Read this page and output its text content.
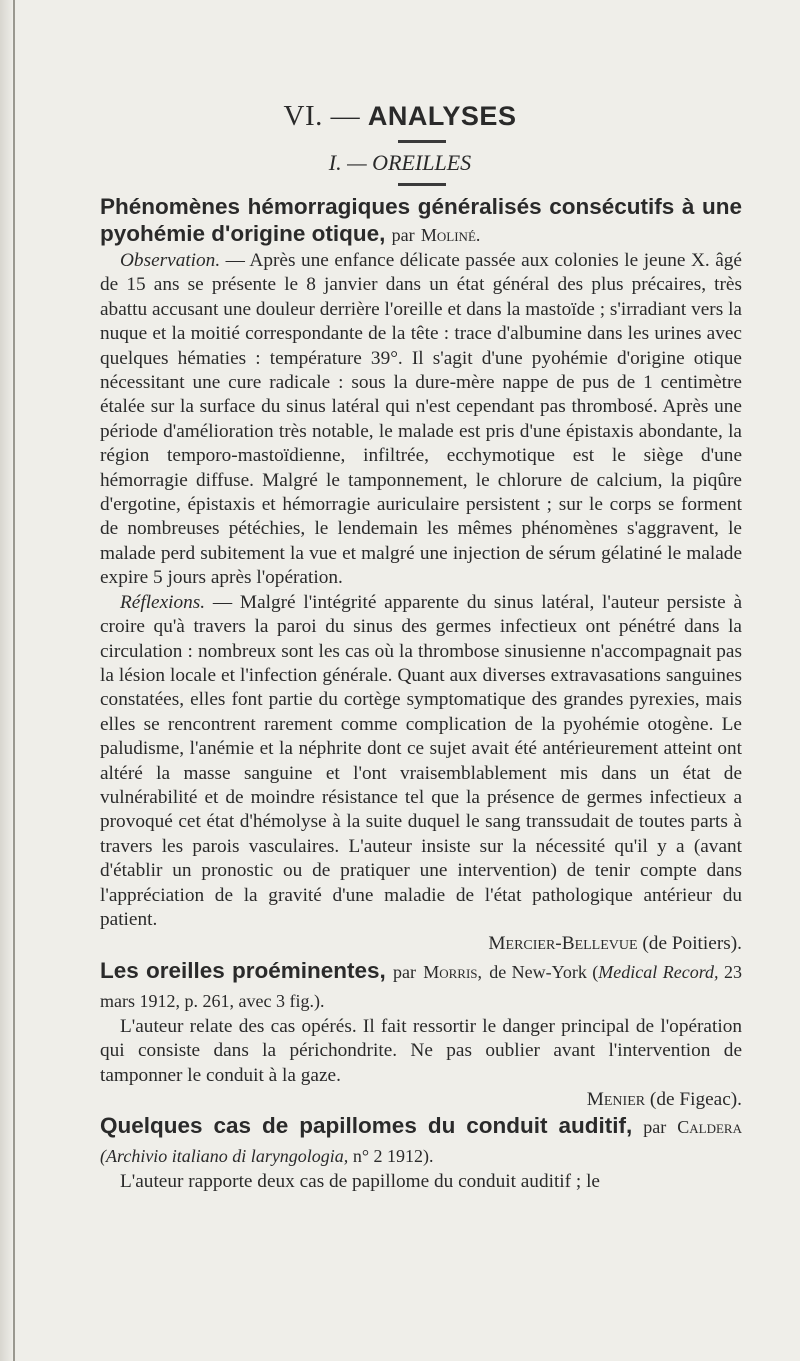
VI. — ANALYSES
I. — OREILLES

Phénomènes hémorragiques généralisés consécutifs à une pyohémie d'origine otique, par Moliné.

Observation. — Après une enfance délicate passée aux colonies le jeune X. âgé de 15 ans se présente le 8 janvier dans un état général des plus précaires, très abattu accusant une douleur derrière l'oreille et dans la mastoïde ; s'irradiant vers la nuque et la moitié correspondante de la tête : trace d'albumine dans les urines avec quelques hématies : température 39°. Il s'agit d'une pyohémie d'origine otique nécessitant une cure radicale : sous la dure-mère nappe de pus de 1 centimètre étalée sur la surface du sinus latéral qui n'est cependant pas thrombosé. Après une période d'amélioration très notable, le malade est pris d'une épistaxis abondante, la région temporo-mastoïdienne, infiltrée, ecchymotique est le siège d'une hémorragie diffuse. Malgré le tamponnement, le chlorure de calcium, la piqûre d'ergotine, épistaxis et hémorragie auriculaire persistent ; sur le corps se forment de nombreuses pétéchies, le lendemain les mêmes phénomènes s'aggravent, le malade perd subitement la vue et malgré une injection de sérum gélatiné le malade expire 5 jours après l'opération.

Réflexions. — Malgré l'intégrité apparente du sinus latéral, l'auteur persiste à croire qu'à travers la paroi du sinus des germes infectieux ont pénétré dans la circulation : nombreux sont les cas où la thrombose sinusienne n'accompagnait pas la lésion locale et l'infection générale. Quant aux diverses extravasations sanguines constatées, elles font partie du cortège symptomatique des grandes pyrexies, mais elles se rencontrent rarement comme complication de la pyohémie otogène. Le paludisme, l'anémie et la néphrite dont ce sujet avait été antérieurement atteint ont altéré la masse sanguine et l'ont vraisemblablement mis dans un état de vulnérabilité et de moindre résistance tel que la présence de germes infectieux a provoqué cet état d'hémolyse à la suite duquel le sang transsudait de toutes parts à travers les parois vasculaires. L'auteur insiste sur la nécessité qu'il y a (avant d'établir un pronostic ou de pratiquer une intervention) de tenir compte dans l'appréciation de la gravité d'une maladie de l'état pathologique antérieur du patient.

Mercier-Bellevue (de Poitiers).

Les oreilles proéminentes, par Morris, de New-York (Medical Record, 23 mars 1912, p. 261, avec 3 fig.).

L'auteur relate des cas opérés. Il fait ressortir le danger principal de l'opération qui consiste dans la périchondrite. Ne pas oublier avant l'intervention de tamponner le conduit à la gaze.

Menier (de Figeac).

Quelques cas de papillomes du conduit auditif, par Caldera (Archivio italiano di laryngologia, n° 2 1912).

L'auteur rapporte deux cas de papillome du conduit auditif ; le
